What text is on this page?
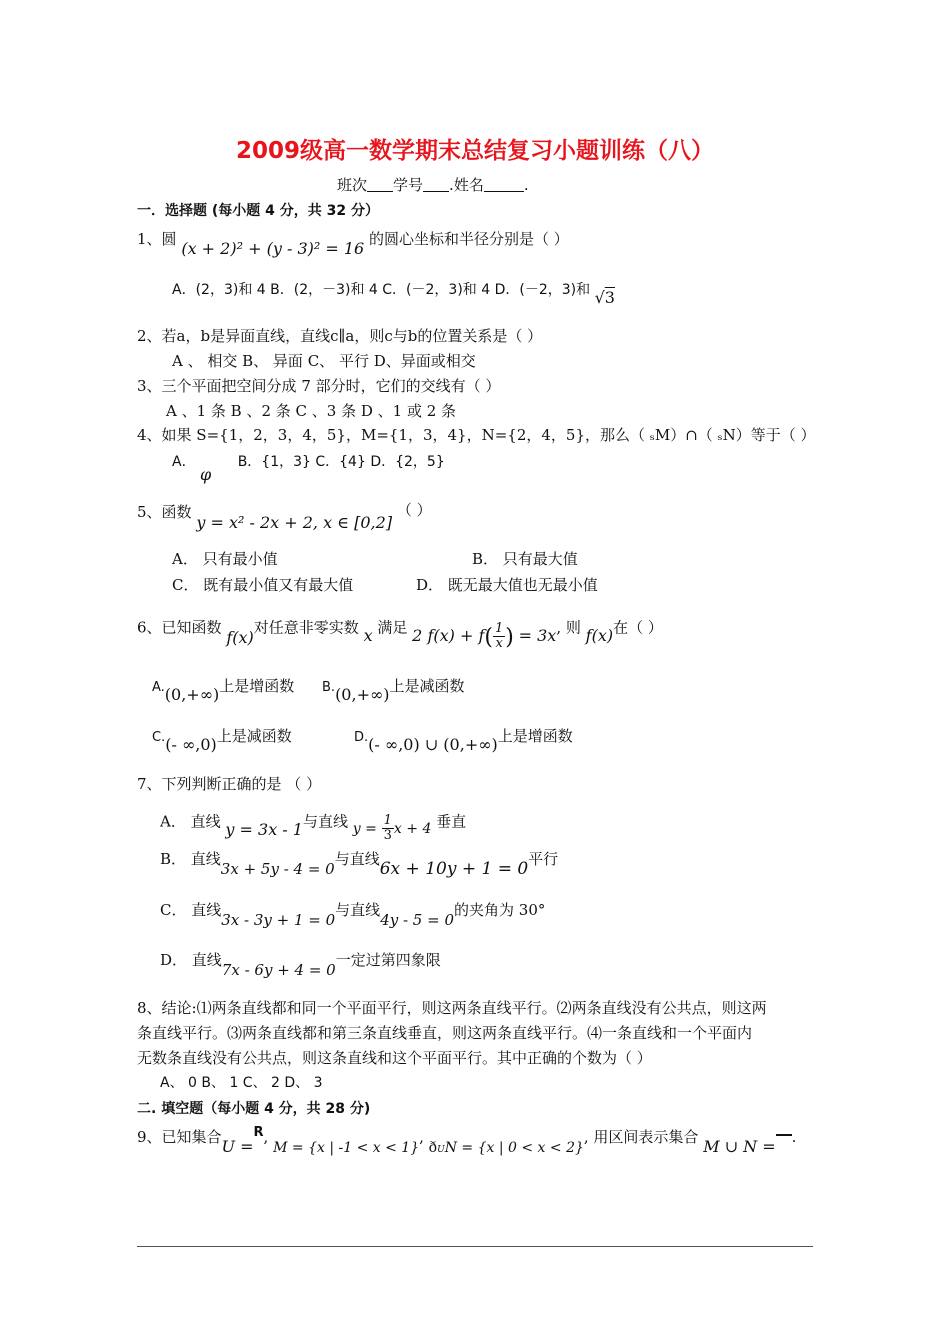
2009级高一数学期末总结复习小题训练（八）
班次 学号 .姓名	.
一．选择题 (每小题 4 分，共 32 分）
1、圆 (x + 2)² + (y - 3)² = 16 的圆心坐标和半径分别是（ ）
A．(2，3)和 4 B．(2，－3)和 4 C．(－2，3)和 4 D．(－2，3)和 √3
2、若a，b是异面直线，直线c∥a，则c与b的位置关系是（ ）
A 、 相交 B、 异面 C、 平行 D、异面或相交
3、三个平面把空间分成 7 部分时，它们的交线有（ ）
A 、1 条 B 、2 条 C 、3 条 D 、1 或 2 条
4、如果 S={1，2，3，4，5}，M={1，3，4}，N={2，4，5}，那么（ ₛM）∩（ ₛN）等于（ ）
A． φ B．{1，3} C．{4} D．{2，5}
5、函数 y = x² - 2x + 2, x ∈ [0,2] （ ）
A． 只有最小值	B． 只有最大值
C． 既有最小值又有最大值	D． 既无最大值也无最小值
6、已知函数 f(x)对任意非零实数 x 满足 2 $f(x) + f( \frac{1}{x}$ ) = 3x, 则 f(x)在（ ）
A.(0,+∞)上是增函数 B.(0,+∞)上是减函数
C.(- ∞,0)上是减函数	D.(- ∞,0) ∪ (0,+∞)上是增函数
7、下列判断正确的是 （ ）
A． 直线 y = 3x - 1与直线 $y = \frac{1}{3}$ x + 4 垂直
B． 直线3x + 5y - 4 = 0与直线6x + 10y + 1 = 0平行
C． 直线3x - 3y + 1 = 0与直线4y - 5 = 0的夹角为 30°
D． 直线7x - 6y + 4 = 0一定过第四象限
8、结论:⑴两条直线都和同一个平面平行，则这两条直线平行。⑵两条直线没有公共点，则这两
条直线平行。⑶两条直线都和第三条直线垂直，则这两条直线平行。⑷一条直线和一个平面内
无数条直线没有公共点，则这条直线和这个平面平行。其中正确的个数为（ ）
A、 0 B、 1 C、 2 D、 3
二. 填空题（每小题 4 分，共 28 分)
9、已知集合U =R, M = {x | -1 < x < 1}, ðUN = {x | 0 < x < 2}, 用区间表示集合 M ∪ N = .
